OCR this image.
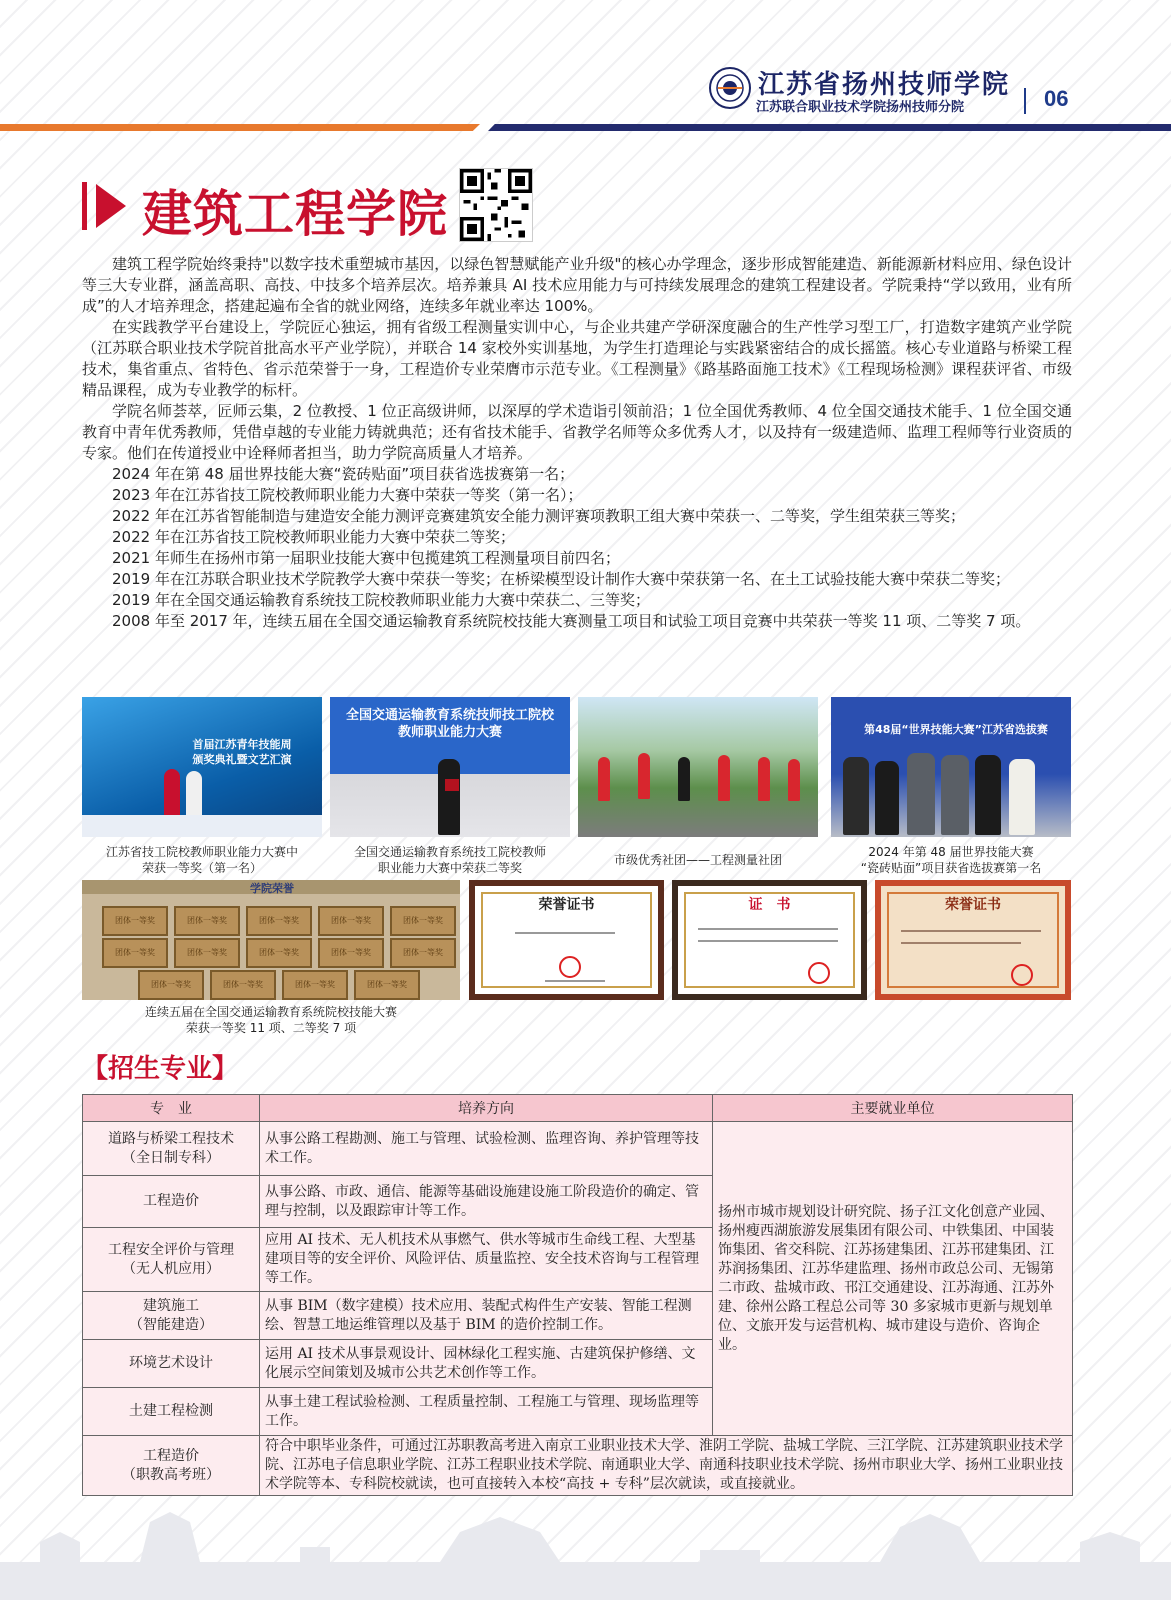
江苏省扬州技师学院
江苏联合职业技术学院扬州技师分院	06
建筑工程学院

建筑工程学院始终秉持"以数字技术重塑城市基因，以绿色智慧赋能产业升级"的核心办学理念，逐步形成智能建造、新能源新材料应用、绿色设计等三大专业群，涵盖高职、高技、中技多个培养层次。培养兼具 AI 技术应用能力与可持续发展理念的建筑工程建设者。学院秉持“学以致用，业有所成”的人才培养理念，搭建起遍布全省的就业网络，连续多年就业率达 100%。

在实践教学平台建设上，学院匠心独运，拥有省级工程测量实训中心，与企业共建产学研深度融合的生产性学习型工厂，打造数字建筑产业学院（江苏联合职业技术学院首批高水平产业学院），并联合 14 家校外实训基地，为学生打造理论与实践紧密结合的成长摇篮。核心专业道路与桥梁工程技术，集省重点、省特色、省示范荣誉于一身，工程造价专业荣膺市示范专业。《工程测量》《路基路面施工技术》《工程现场检测》课程获评省、市级精品课程，成为专业教学的标杆。

学院名师荟萃，匠师云集，2 位教授、1 位正高级讲师，以深厚的学术造诣引领前沿；1 位全国优秀教师、4 位全国交通技术能手、1 位全国交通教育中青年优秀教师，凭借卓越的专业能力铸就典范；还有省技术能手、省教学名师等众多优秀人才，以及持有一级建造师、监理工程师等行业资质的专家。他们在传道授业中诠释师者担当，助力学院高质量人才培养。

2024 年在第 48 届世界技能大赛“瓷砖贴面”项目获省选拔赛第一名；

2023 年在江苏省技工院校教师职业能力大赛中荣获一等奖（第一名）；

2022 年在江苏省智能制造与建造安全能力测评竞赛建筑安全能力测评赛项教职工组大赛中荣获一、二等奖，学生组荣获三等奖；

2022 年在江苏省技工院校教师职业能力大赛中荣获二等奖；

2021 年师生在扬州市第一届职业技能大赛中包揽建筑工程测量项目前四名；

2019 年在江苏联合职业技术学院教学大赛中荣获一等奖；在桥梁模型设计制作大赛中荣获第一名、在土工试验技能大赛中荣获二等奖；

2019 年在全国交通运输教育系统技工院校教师职业能力大赛中荣获二、三等奖；

2008 年至 2017 年，连续五届在全国交通运输教育系统院校技能大赛测量工项目和试验工项目竞赛中共荣获一等奖 11 项、二等奖 7 项。

首届江苏青年技能周
颁奖典礼暨文艺汇演
江苏省技工院校教师职业能力大赛中
荣获一等奖（第一名）
全国交通运输教育系统技师技工院校
教师职业能力大赛
全国交通运输教育系统技工院校教师
职业能力大赛中荣获二等奖
市级优秀社团——工程测量社团
第48届“世界技能大赛”江苏省选拔赛
2024 年第 48 届世界技能大赛
“瓷砖贴面”项目获省选拔赛第一名
学院荣誉
团体一等奖	团体一等奖	团体一等奖	团体一等奖	团体一等奖
团体一等奖	团体一等奖	团体一等奖	团体一等奖	团体一等奖
团体一等奖	团体一等奖	团体一等奖	团体一等奖
连续五届在全国交通运输教育系统院校技能大赛
荣获一等奖 11 项、二等奖 7 项
荣誉证书	证　书	荣誉证书
【招生专业】
专　业	培养方向	主要就业单位
道路与桥梁工程技术
（全日制专科）	从事公路工程勘测、施工与管理、试验检测、监理咨询、养护管理等技术工作。	扬州市城市规划设计研究院、扬子江文化创意产业园、扬州瘦西湖旅游发展集团有限公司、中铁集团、中国装饰集团、省交科院、江苏扬建集团、江苏邗建集团、江苏润扬集团、江苏华建监理、扬州市政总公司、无锡第二市政、盐城市政、邗江交通建设、江苏海通、江苏外建、徐州公路工程总公司等 30 多家城市更新与规划单位、文旅开发与运营机构、城市建设与造价、咨询企业。
工程造价	从事公路、市政、通信、能源等基础设施建设施工阶段造价的确定、管理与控制，以及跟踪审计等工作。	
工程安全评价与管理
（无人机应用）	应用 AI 技术、无人机技术从事燃气、供水等城市生命线工程、大型基建项目等的安全评价、风险评估、质量监控、安全技术咨询与工程管理等工作。	
建筑施工
（智能建造）	从事 BIM（数字建模）技术应用、装配式构件生产安装、智能工程测绘、智慧工地运维管理以及基于 BIM 的造价控制工作。	
环境艺术设计	运用 AI 技术从事景观设计、园林绿化工程实施、古建筑保护修缮、文化展示空间策划及城市公共艺术创作等工作。	
土建工程检测	从事土建工程试验检测、工程质量控制、工程施工与管理、现场监理等工作。	
工程造价
（职教高考班）	符合中职毕业条件，可通过江苏职教高考进入南京工业职业技术大学、淮阴工学院、盐城工学院、三江学院、江苏建筑职业技术学院、江苏电子信息职业学院、江苏工程职业技术学院、南通职业大学、南通科技职业技术学院、扬州市职业大学、扬州工业职业技术学院等本、专科院校就读，也可直接转入本校“高技 + 专科”层次就读，或直接就业。	
